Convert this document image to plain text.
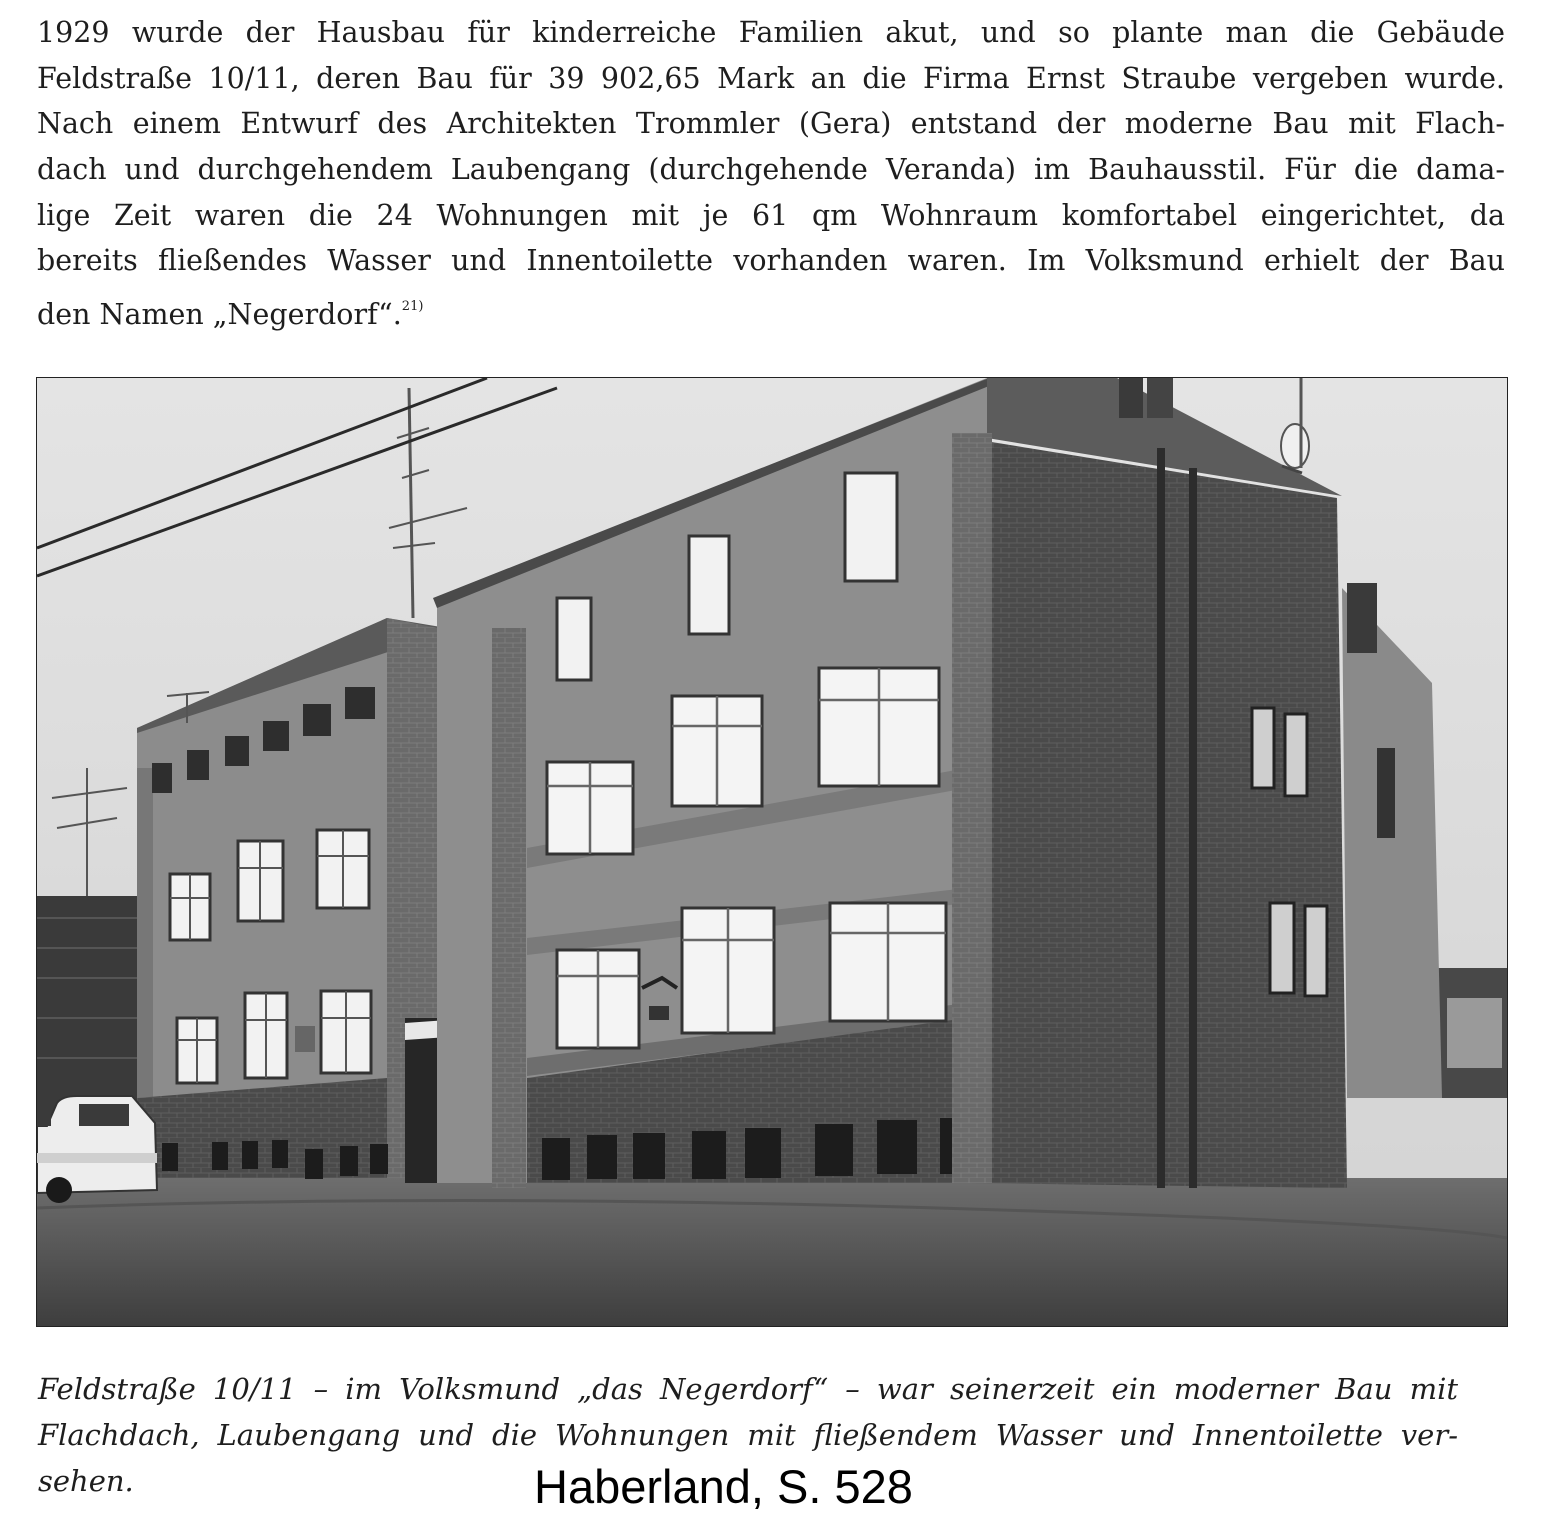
1929 wurde der Hausbau für kinderreiche Familien akut, und so plante man die Gebäude
Feldstraße 10/11, deren Bau für 39 902,65 Mark an die Firma Ernst Straube vergeben wurde.
Nach einem Entwurf des Architekten Trommler (Gera) entstand der moderne Bau mit Flach-
dach und durchgehendem Laubengang (durchgehende Veranda) im Bauhausstil. Für die dama-
lige Zeit waren die 24 Wohnungen mit je 61 qm Wohnraum komfortabel eingerichtet, da
bereits fließendes Wasser und Innentoilette vorhanden waren. Im Volksmund erhielt der Bau
den Namen „Negerdorf“.$^{21)}$
Feldstraße 10/11 – im Volksmund „das Negerdorf“ – war seinerzeit ein moderner Bau mit
Flachdach, Laubengang und die Wohnungen mit fließendem Wasser und Innentoilette ver-
sehen.	Haberland, S. 528
